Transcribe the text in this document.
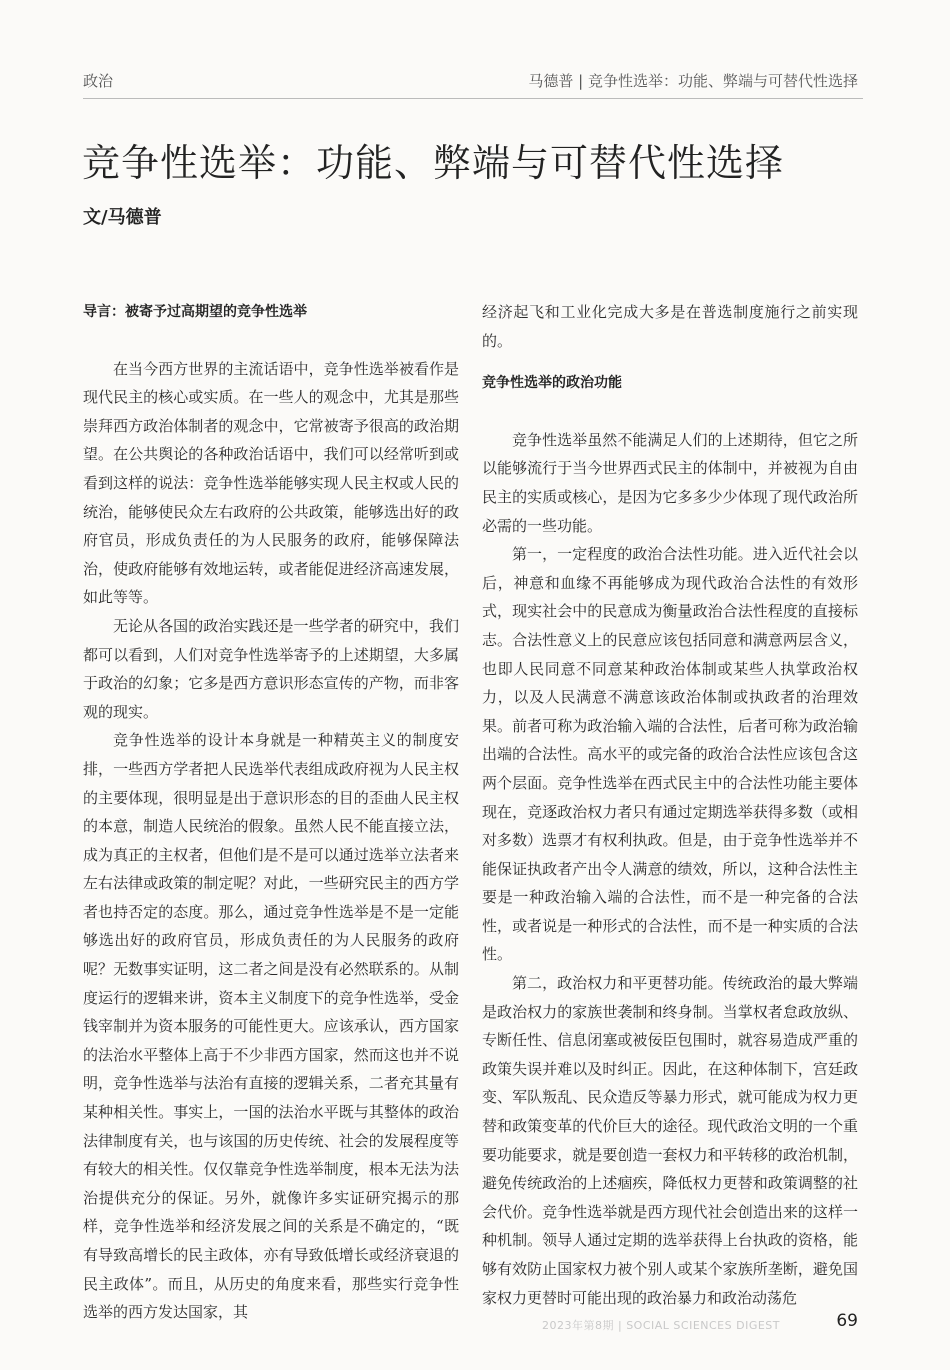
政治	马德普 | 竞争性选举：功能、弊端与可替代性选择
竞争性选举：功能、弊端与可替代性选择
文/马德普
导言：被寄予过高期望的竞争性选举

在当今西方世界的主流话语中，竞争性选举被看作是现代民主的核心或实质。在一些人的观念中，尤其是那些崇拜西方政治体制者的观念中，它常被寄予很高的政治期望。在公共舆论的各种政治话语中，我们可以经常听到或看到这样的说法：竞争性选举能够实现人民主权或人民的统治，能够使民众左右政府的公共政策，能够选出好的政府官员，形成负责任的为人民服务的政府，能够保障法治，使政府能够有效地运转，或者能促进经济高速发展，如此等等。

无论从各国的政治实践还是一些学者的研究中，我们都可以看到，人们对竞争性选举寄予的上述期望，大多属于政治的幻象；它多是西方意识形态宣传的产物，而非客观的现实。

竞争性选举的设计本身就是一种精英主义的制度安排，一些西方学者把人民选举代表组成政府视为人民主权的主要体现，很明显是出于意识形态的目的歪曲人民主权的本意，制造人民统治的假象。虽然人民不能直接立法，成为真正的主权者，但他们是不是可以通过选举立法者来左右法律或政策的制定呢？对此，一些研究民主的西方学者也持否定的态度。那么，通过竞争性选举是不是一定能够选出好的政府官员，形成负责任的为人民服务的政府呢？无数事实证明，这二者之间是没有必然联系的。从制度运行的逻辑来讲，资本主义制度下的竞争性选举，受金钱宰制并为资本服务的可能性更大。应该承认，西方国家的法治水平整体上高于不少非西方国家，然而这也并不说明，竞争性选举与法治有直接的逻辑关系，二者充其量有某种相关性。事实上，一国的法治水平既与其整体的政治法律制度有关，也与该国的历史传统、社会的发展程度等有较大的相关性。仅仅靠竞争性选举制度，根本无法为法治提供充分的保证。另外，就像许多实证研究揭示的那样，竞争性选举和经济发展之间的关系是不确定的，“既有导致高增长的民主政体，亦有导致低增长或经济衰退的民主政体”。而且，从历史的角度来看，那些实行竞争性选举的西方发达国家，其

经济起飞和工业化完成大多是在普选制度施行之前实现的。

竞争性选举的政治功能

竞争性选举虽然不能满足人们的上述期待，但它之所以能够流行于当今世界西式民主的体制中，并被视为自由民主的实质或核心，是因为它多多少少体现了现代政治所必需的一些功能。

第一，一定程度的政治合法性功能。进入近代社会以后，神意和血缘不再能够成为现代政治合法性的有效形式，现实社会中的民意成为衡量政治合法性程度的直接标志。合法性意义上的民意应该包括同意和满意两层含义，也即人民同意不同意某种政治体制或某些人执掌政治权力，以及人民满意不满意该政治体制或执政者的治理效果。前者可称为政治输入端的合法性，后者可称为政治输出端的合法性。高水平的或完备的政治合法性应该包含这两个层面。竞争性选举在西式民主中的合法性功能主要体现在，竞逐政治权力者只有通过定期选举获得多数（或相对多数）选票才有权利执政。但是，由于竞争性选举并不能保证执政者产出令人满意的绩效，所以，这种合法性主要是一种政治输入端的合法性，而不是一种完备的合法性，或者说是一种形式的合法性，而不是一种实质的合法性。

第二，政治权力和平更替功能。传统政治的最大弊端是政治权力的家族世袭制和终身制。当掌权者怠政放纵、专断任性、信息闭塞或被佞臣包围时，就容易造成严重的政策失误并难以及时纠正。因此，在这种体制下，宫廷政变、军队叛乱、民众造反等暴力形式，就可能成为权力更替和政策变革的代价巨大的途径。现代政治文明的一个重要功能要求，就是要创造一套权力和平转移的政治机制，避免传统政治的上述痼疾，降低权力更替和政策调整的社会代价。竞争性选举就是西方现代社会创造出来的这样一种机制。领导人通过定期的选举获得上台执政的资格，能够有效防止国家权力被个别人或某个家族所垄断，避免国家权力更替时可能出现的政治暴力和政治动荡危

2023年第8期 | SOCIAL SCIENCES DIGEST	69
